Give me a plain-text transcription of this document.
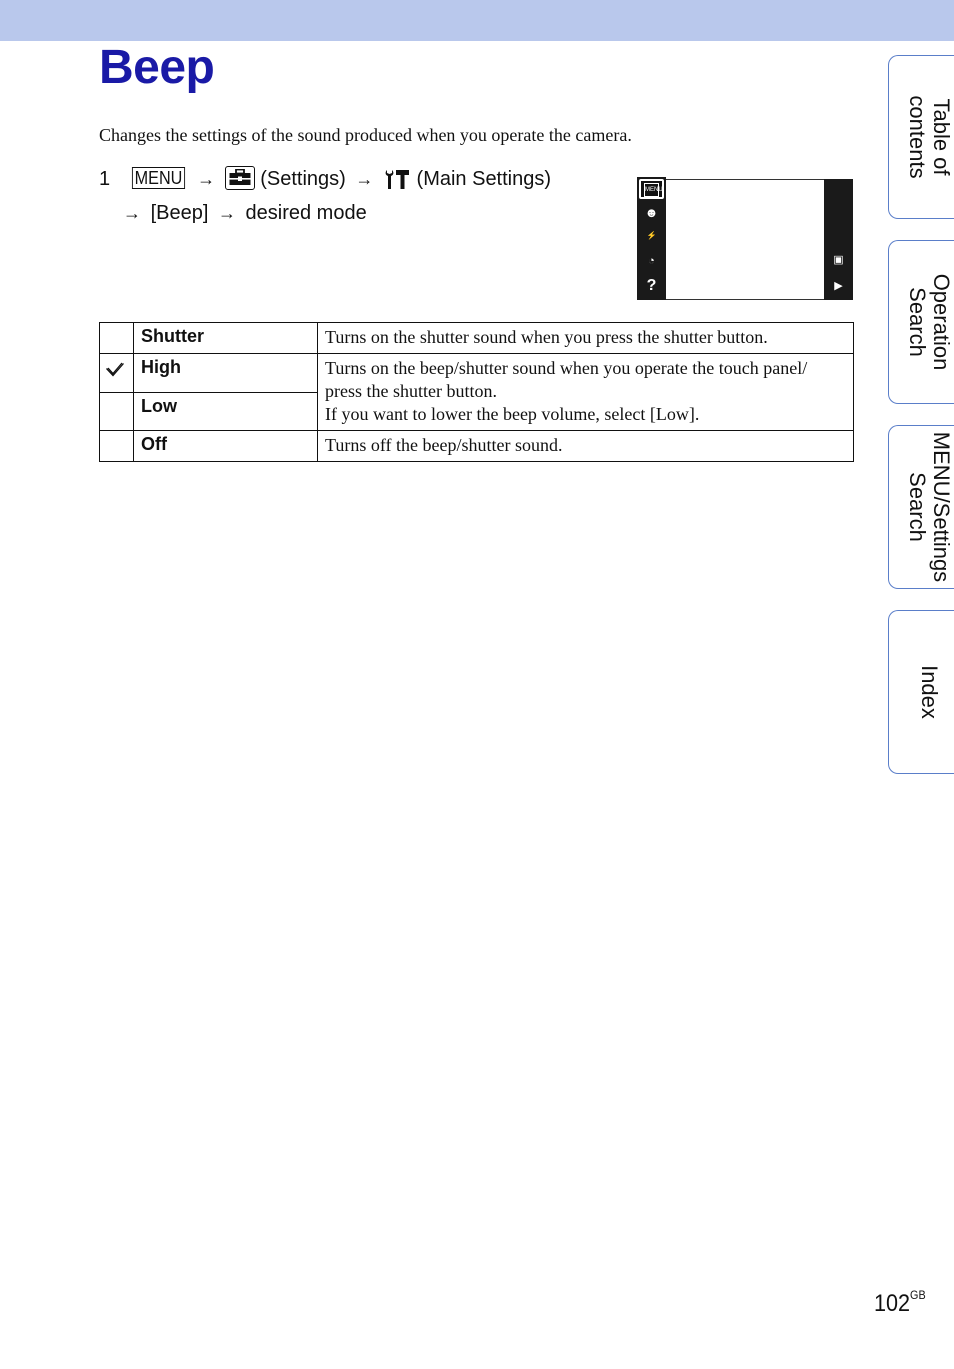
Beep
Changes the settings of the sound produced when you operate the camera.
1 MENU → (Settings) → (Main Settings)
→ [Beep] → desired mode
MENU
☻
⚡
◔
?
▣
▶
	Shutter	Turns on the shutter sound when you press the shutter button.
	High	Turns on the beep/shutter sound when you operate the touch panel/
press the shutter button.
If you want to lower the beep volume, select [Low].

	Low	
	Off	Turns off the beep/shutter sound.
Table of
contents
Operation
Search
MENU/Settings
Search
Index
$102^{GB}$
